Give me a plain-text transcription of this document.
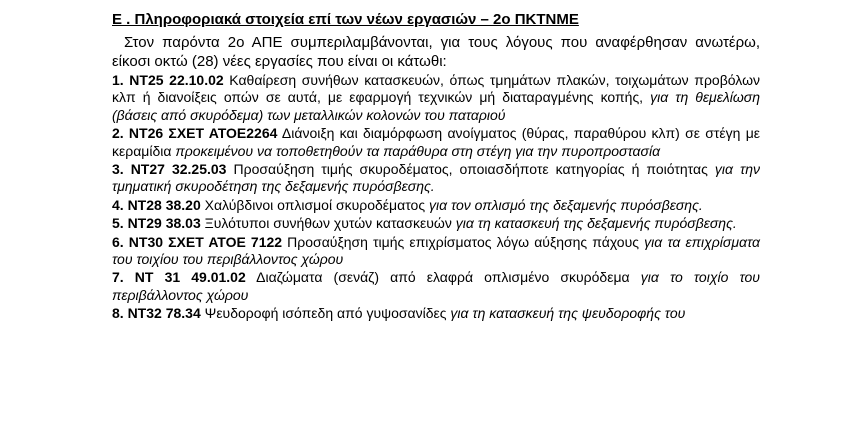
Ε . Πληροφοριακά στοιχεία επί των νέων εργασιών – 2ο ΠΚΤΝΜΕ

Στον παρόντα 2ο ΑΠΕ συμπεριλαμβάνονται, για τους λόγους που αναφέρθησαν ανωτέρω, είκοσι οκτώ (28) νέες εργασίες που είναι οι κάτωθι:

1. ΝΤ25 22.10.02 Καθαίρεση συνήθων κατασκευών, όπως τμημάτων πλακών, τοιχωμάτων προβόλων κλπ ή διανοίξεις οπών σε αυτά, με εφαρμογή τεχνικών μή διαταραγμένης κοπής, για τη θεμελίωση (βάσεις από σκυρόδεμα) των μεταλλικών κολονών του παταριού

2. ΝΤ26 ΣΧΕΤ ΑΤΟΕ2264 Διάνοιξη και διαμόρφωση ανοίγματος (θύρας, παραθύρου κλπ) σε στέγη με κεραμίδια προκειμένου να τοποθετηθούν τα παράθυρα στη στέγη για την πυροπροστασία

3. ΝΤ27 32.25.03 Προσαύξηση τιμής σκυροδέματος, οποιασδήποτε κατηγορίας ή ποιότητας για την τμηματική σκυροδέτηση της δεξαμενής πυρόσβεσης.

4. ΝΤ28 38.20 Χαλύβδινοι οπλισμοί σκυροδέματος για τον οπλισμό της δεξαμενής πυρόσβεσης.

5. ΝΤ29 38.03 Ξυλότυποι συνήθων χυτών κατασκευών για τη κατασκευή της δεξαμενής πυρόσβεσης.

6. ΝΤ30 ΣΧΕΤ ΑΤΟΕ 7122 Προσαύξηση τιμής επιχρίσματος λόγω αύξησης πάχους για τα επιχρίσματα του τοιχίου του περιβάλλοντος χώρου

7. ΝΤ 31 49.01.02 Διαζώματα (σενάζ) από ελαφρά οπλισμένο σκυρόδεμα για το τοιχίο του περιβάλλοντος χώρου

8. ΝΤ32 78.34 Ψευδοροφή ισόπεδη από γυψοσανίδες για τη κατασκευή της ψευδοροφής του
